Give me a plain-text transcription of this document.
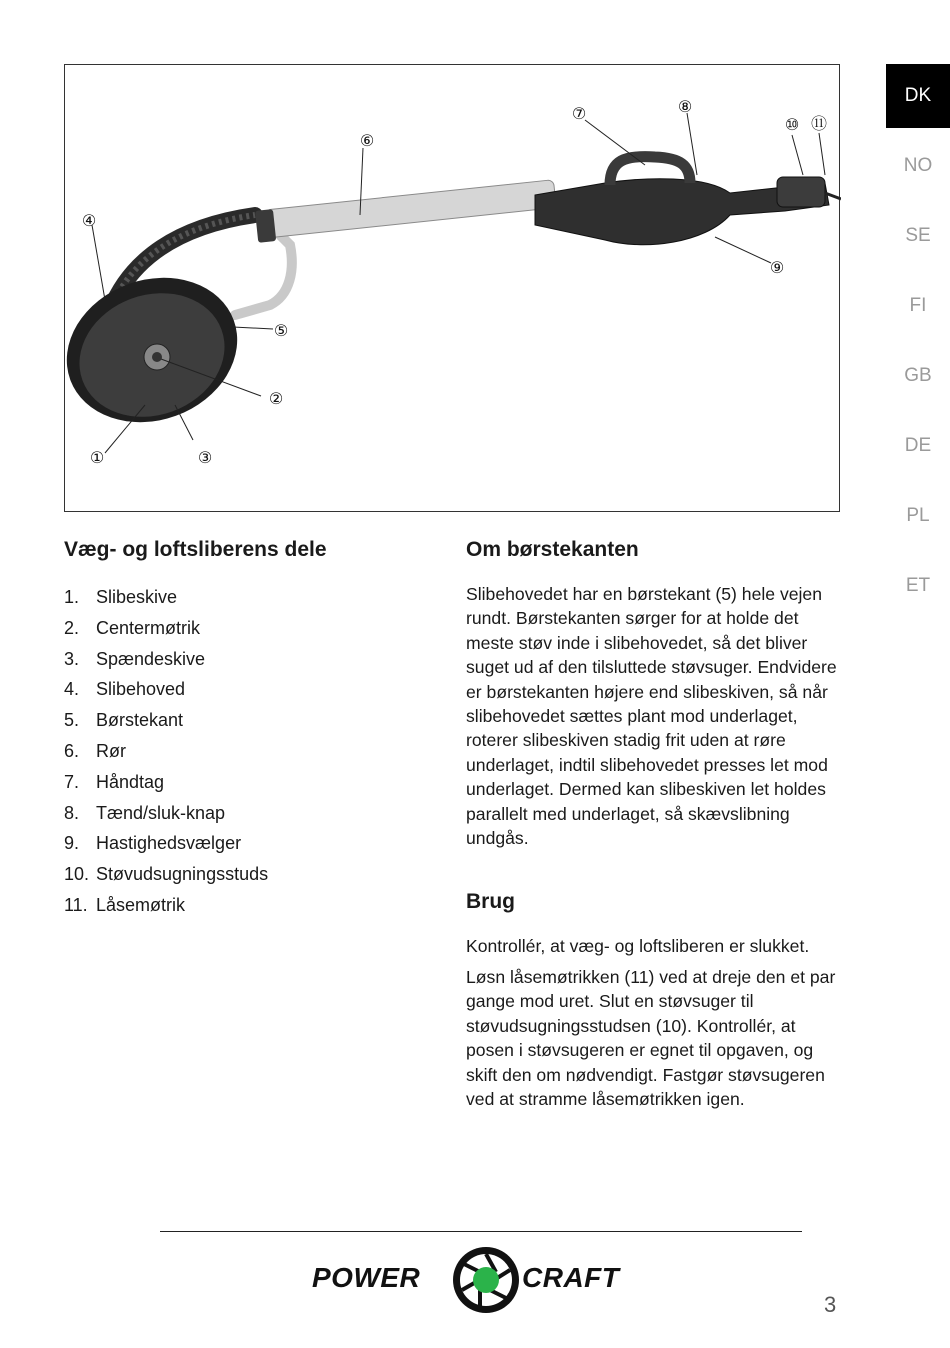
DK
NO
SE
FI
GB
DE
PL
ET
①
②
③
④
⑤
⑥
⑦	⑧
⑨
⑩ ⑪
Væg- og loftsliberens dele
1. Slibeskive
2. Centermøtrik
3. Spændeskive
4. Slibehoved
5. Børstekant
6. Rør
7. Håndtag
8. Tænd/sluk-knap
9. Hastighedsvælger
10. Støvudsugningsstuds
11. Låsemøtrik
Om børstekanten

Slibehovedet har en børstekant (5) hele vejen rundt. Børstekanten sørger for at holde det meste støv inde i slibehovedet, så det bliver suget ud af den tilsluttede støvsuger. Endvidere er børstekanten højere end slibeskiven, så når slibehovedet sættes plant mod underlaget, roterer slibeskiven stadig frit uden at røre underlaget, indtil slibehovedet presses let mod underlaget. Dermed kan slibeskiven let holdes parallelt med underlaget, så skævslibning undgås.

Brug

Kontrollér, at væg- og loftsliberen er slukket.

Løsn låsemøtrikken (11) ved at dreje den et par gange mod uret. Slut en støvsuger til støvudsugningsstudsen (10). Kontrollér, at posen i støvsugeren er egnet til opgaven, og skift den om nødvendigt. Fastgør støvsugeren ved at stramme låsemøtrikken igen.

POWER	CRAFT
3
